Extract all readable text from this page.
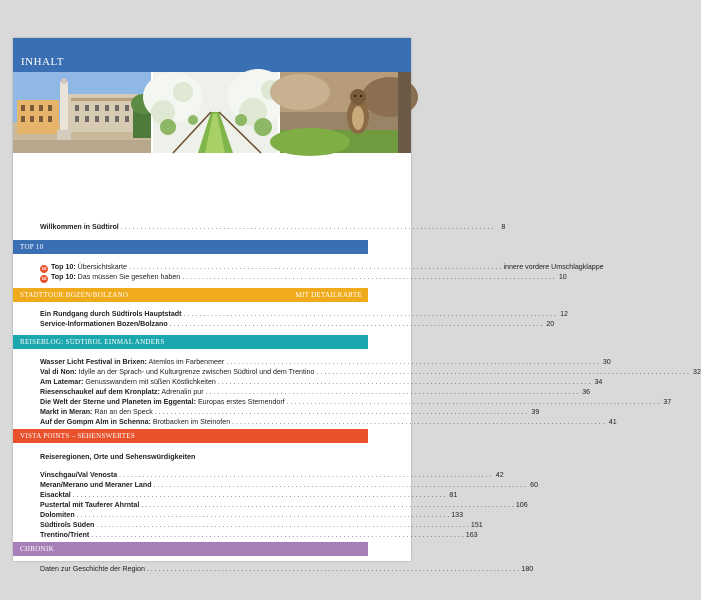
INHALT
Willkommen in Südtirol . . .	8
TOP 10
10 Top 10: Übersichtskarte . . .	innere vordere Umschlagklappe
10 Top 10: Das müssen Sie gesehen haben . . .	10
STADTTOUR BOZEN/BOLZANO	MIT DETAILKARTE
Ein Rundgang durch Südtirols Hauptstadt . . .	12
Service-Informationen Bozen/Bolzano . . .	20
REISEBLOG: SÜDTIROL EINMAL ANDERS
Wasser Licht Festival in Brixen: Atemlos im Farbenmeer . . .	30
Val di Non: Idylle an der Sprach- und Kulturgrenze zwischen Südtirol und dem Trentino . . .	32
Am Latemar: Genusswandern mit süßen Köstlichkeiten . . .	34
Riesenschaukel auf dem Kronplatz: Adrenalin pur . . .	36
Die Welt der Sterne und Planeten im Eggental: Europas erstes Sternendorf . . .	37
Markt in Meran: Ran an den Speck . . .	39
Auf der Gompm Alm in Schenna: Brotbacken im Steinofen . . .	41
VISTA POINTS – SEHENSWERTES
Reiseregionen, Orte und Sehenswürdigkeiten
Vinschgau/Val Venosta . . .	42
Meran/Merano und Meraner Land . . .	60
Eisacktal . . .	81
Pustertal mit Tauferer Ahrntal . . .	106
Dolomiten . . .	133
Südtirols Süden . . .	151
Trentino/Trient . . .	163
CHRONIK
Daten zur Geschichte der Region . . .	180
